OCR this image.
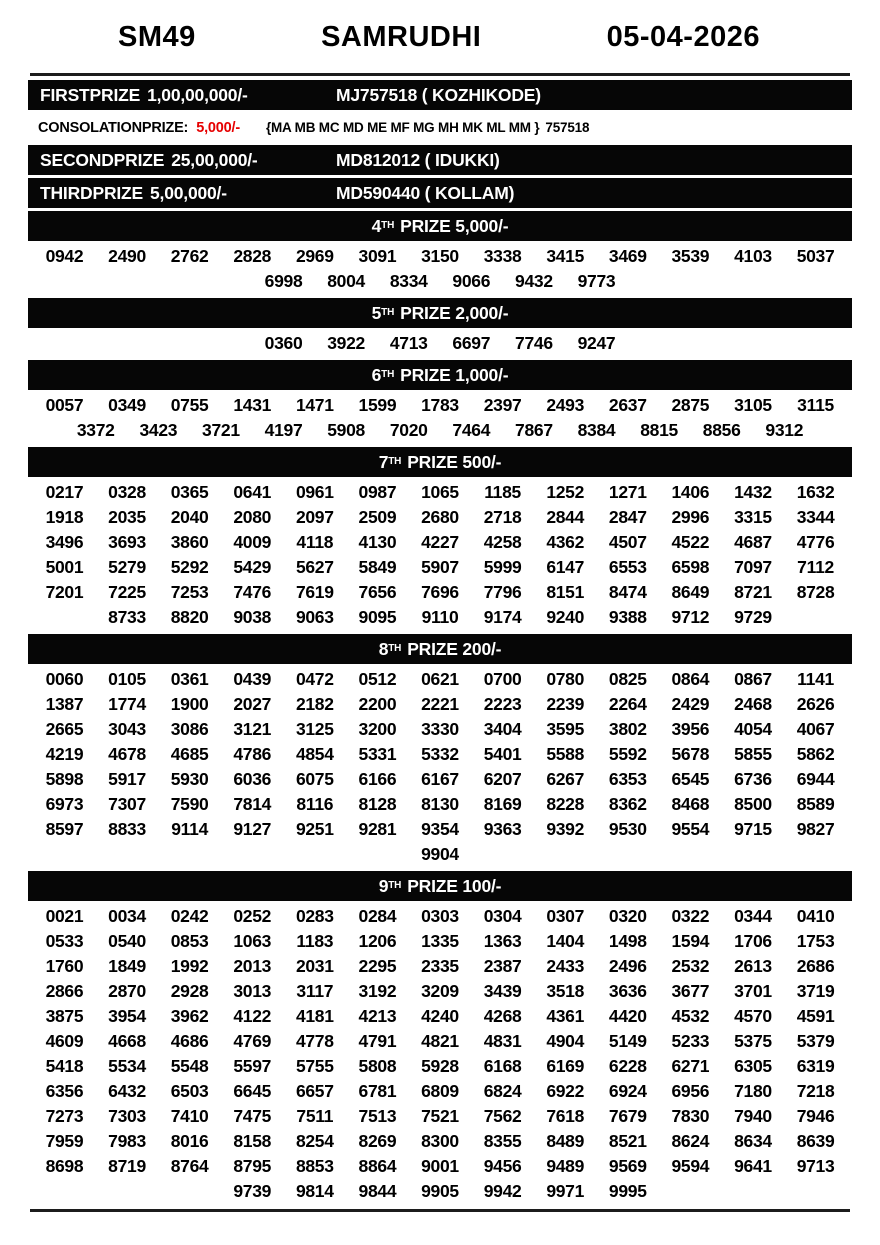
SM49	SAMRUDHI	05-04-2026
FIRSTPRIZE 1,00,00,000/-	MJ757518 ( KOZHIKODE)
CONSOLATIONPRIZE: 5,000/- {MA MB MC MD ME MF MG MH MK ML MM } 757518
SECONDPRIZE 25,00,000/-	MD812012 ( IDUKKI)
THIRDPRIZE 5,00,000/-	MD590440 ( KOLLAM)
4 TH PRIZE 5,000/-
0942	2490	2762	2828	2969	3091	3150	3338	3415	3469	3539	4103	5037
6998	8004	8334	9066	9432	9773
5 TH PRIZE 2,000/-
0360	3922	4713	6697	7746	9247
6 TH PRIZE 1,000/-
0057	0349	0755	1431	1471	1599	1783	2397	2493	2637	2875	3105	3115
3372	3423	3721	4197	5908	7020	7464	7867	8384	8815	8856	9312
7 TH PRIZE 500/-
0217	0328	0365	0641	0961	0987	1065	1185	1252	1271	1406	1432	1632
1918	2035	2040	2080	2097	2509	2680	2718	2844	2847	2996	3315	3344
3496	3693	3860	4009	4118	4130	4227	4258	4362	4507	4522	4687	4776
5001	5279	5292	5429	5627	5849	5907	5999	6147	6553	6598	7097	7112
7201	7225	7253	7476	7619	7656	7696	7796	8151	8474	8649	8721	8728
8733	8820	9038	9063	9095	9110	9174	9240	9388	9712	9729
8 TH PRIZE 200/-
0060	0105	0361	0439	0472	0512	0621	0700	0780	0825	0864	0867	1141
1387	1774	1900	2027	2182	2200	2221	2223	2239	2264	2429	2468	2626
2665	3043	3086	3121	3125	3200	3330	3404	3595	3802	3956	4054	4067
4219	4678	4685	4786	4854	5331	5332	5401	5588	5592	5678	5855	5862
5898	5917	5930	6036	6075	6166	6167	6207	6267	6353	6545	6736	6944
6973	7307	7590	7814	8116	8128	8130	8169	8228	8362	8468	8500	8589
8597	8833	9114	9127	9251	9281	9354	9363	9392	9530	9554	9715	9827
9904
9 TH PRIZE 100/-
0021	0034	0242	0252	0283	0284	0303	0304	0307	0320	0322	0344	0410
0533	0540	0853	1063	1183	1206	1335	1363	1404	1498	1594	1706	1753
1760	1849	1992	2013	2031	2295	2335	2387	2433	2496	2532	2613	2686
2866	2870	2928	3013	3117	3192	3209	3439	3518	3636	3677	3701	3719
3875	3954	3962	4122	4181	4213	4240	4268	4361	4420	4532	4570	4591
4609	4668	4686	4769	4778	4791	4821	4831	4904	5149	5233	5375	5379
5418	5534	5548	5597	5755	5808	5928	6168	6169	6228	6271	6305	6319
6356	6432	6503	6645	6657	6781	6809	6824	6922	6924	6956	7180	7218
7273	7303	7410	7475	7511	7513	7521	7562	7618	7679	7830	7940	7946
7959	7983	8016	8158	8254	8269	8300	8355	8489	8521	8624	8634	8639
8698	8719	8764	8795	8853	8864	9001	9456	9489	9569	9594	9641	9713
9739	9814	9844	9905	9942	9971	9995
